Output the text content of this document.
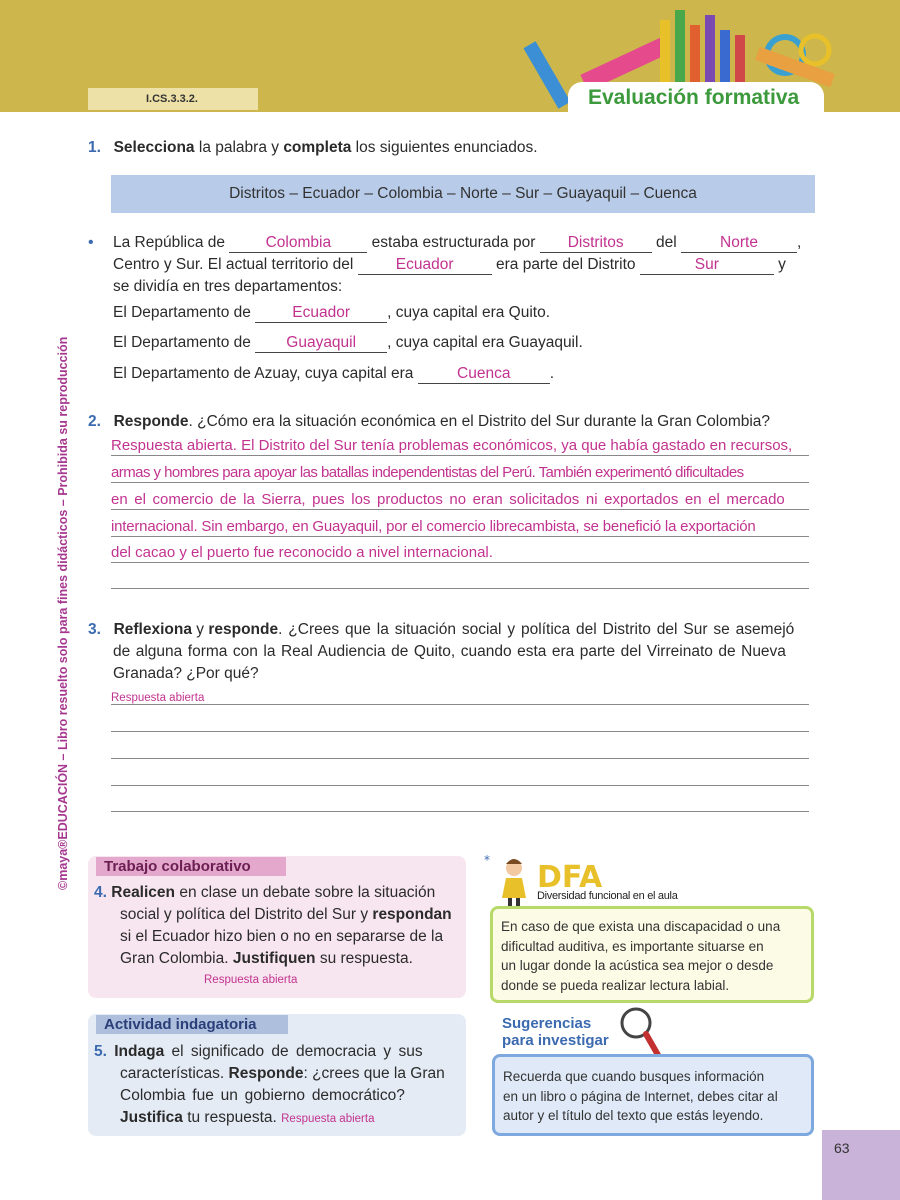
I.CS.3.3.2.	Evaluación formativa
©maya®EDUCACIÓN – Libro resuelto solo para fines didácticos – Prohibida su reproducción
1. Selecciona la palabra y completa los siguientes enunciados.
Distritos – Ecuador – Colombia – Norte – Sur – Guayaquil – Cuenca
• La República de	Colombia	estaba estructurada por Distritos del	Norte	,
Centro y Sur. El actual territorio del	Ecuador	era parte del Distrito	Sur	y
se dividía en tres departamentos:
El Departamento de	Ecuador , cuya capital era Quito.
El Departamento de Guayaquil , cuya capital era Guayaquil.
El Departamento de Azuay, cuya capital era	Cuenca	.
2. Responde. ¿Cómo era la situación económica en el Distrito del Sur durante la Gran Colombia?
Respuesta abierta. El Distrito del Sur tenía problemas económicos, ya que había gastado en recursos,
armas y hombres para apoyar las batallas independentistas del Perú. También experimentó dificultades
en el comercio de la Sierra, pues los productos no eran solicitados ni exportados en el mercado
internacional. Sin embargo, en Guayaquil, por el comercio librecambista, se benefició la exportación
del cacao y el puerto fue reconocido a nivel internacional.
3. Reflexiona y responde. ¿Crees que la situación social y política del Distrito del Sur se asemejó
de alguna forma con la Real Audiencia de Quito, cuando esta era parte del Virreinato de Nueva
Granada? ¿Por qué?
Respuesta abierta
Trabajo colaborativo
4. Realicen en clase un debate sobre la situación
social y política del Distrito del Sur y respondan
si el Ecuador hizo bien o no en separarse de la
Gran Colombia. Justifiquen su respuesta.
Respuesta abierta
Actividad indagatoria
5. Indaga el significado de democracia y sus
características. Responde: ¿crees que la Gran
Colombia fue un gobierno democrático?
Justifica tu respuesta. Respuesta abierta
* DFA
Diversidad funcional en el aula
En caso de que exista una discapacidad o una
dificultad auditiva, es importante situarse en
un lugar donde la acústica sea mejor o desde
donde se pueda realizar lectura labial.
Sugerencias
para investigar
Recuerda que cuando busques información
en un libro o página de Internet, debes citar al
autor y el título del texto que estás leyendo.
63
